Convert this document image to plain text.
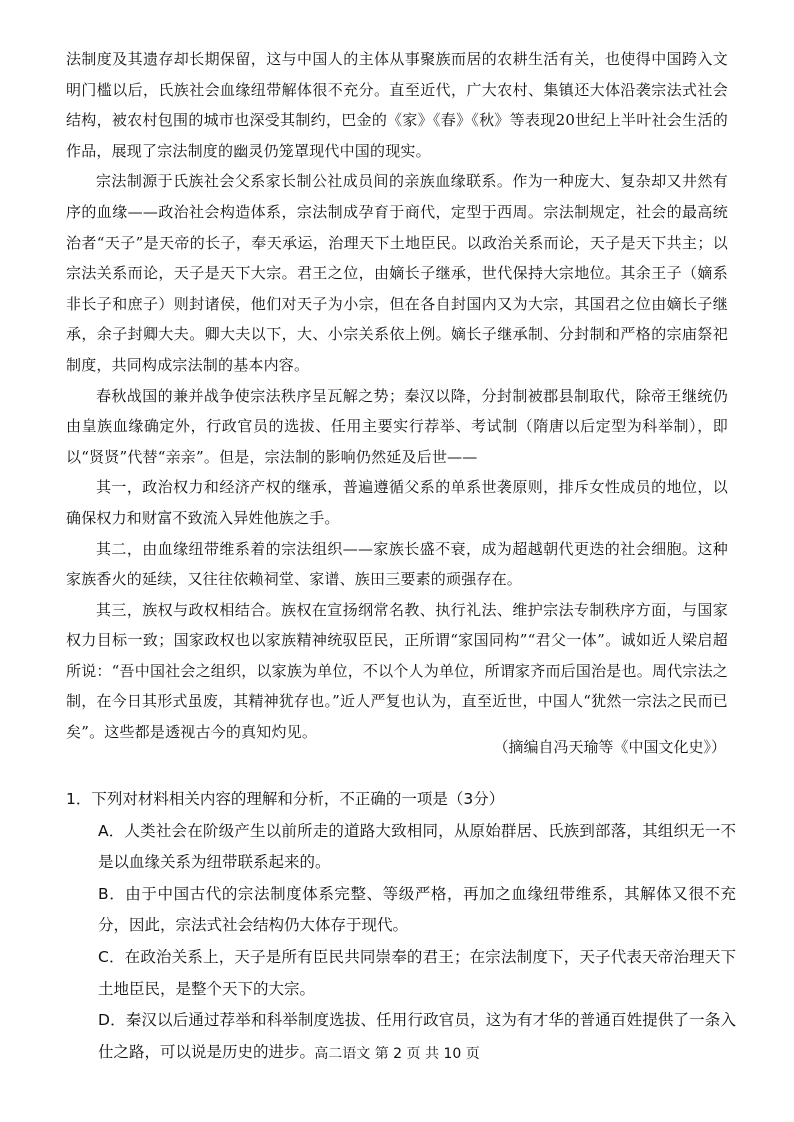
法制度及其遗存却长期保留，这与中国人的主体从事聚族而居的农耕生活有关，也使得中国跨入文明门槛以后，氏族社会血缘纽带解体很不充分。直至近代，广大农村、集镇还大体沿袭宗法式社会结构，被农村包围的城市也深受其制约，巴金的《家》《春》《秋》等表现20世纪上半叶社会生活的作品，展现了宗法制度的幽灵仍笼罩现代中国的现实。

宗法制源于氏族社会父系家长制公社成员间的亲族血缘联系。作为一种庞大、复杂却又井然有序的血缘——政治社会构造体系，宗法制成孕育于商代，定型于西周。宗法制规定，社会的最高统治者“天子”是天帝的长子，奉天承运，治理天下土地臣民。以政治关系而论，天子是天下共主；以宗法关系而论，天子是天下大宗。君王之位，由嫡长子继承，世代保持大宗地位。其余王子（嫡系非长子和庶子）则封诸侯，他们对天子为小宗，但在各自封国内又为大宗，其国君之位由嫡长子继承，余子封卿大夫。卿大夫以下，大、小宗关系依上例。嫡长子继承制、分封制和严格的宗庙祭祀制度，共同构成宗法制的基本内容。

春秋战国的兼并战争使宗法秩序呈瓦解之势；秦汉以降，分封制被郡县制取代，除帝王继统仍由皇族血缘确定外，行政官员的选拔、任用主要实行荐举、考试制（隋唐以后定型为科举制），即以“贤贤”代替“亲亲”。但是，宗法制的影响仍然延及后世——

其一，政治权力和经济产权的继承，普遍遵循父系的单系世袭原则，排斥女性成员的地位，以确保权力和财富不致流入异姓他族之手。

其二，由血缘纽带维系着的宗法组织——家族长盛不衰，成为超越朝代更迭的社会细胞。这种家族香火的延续，又往往依赖祠堂、家谱、族田三要素的顽强存在。

其三，族权与政权相结合。族权在宣扬纲常名教、执行礼法、维护宗法专制秩序方面，与国家权力目标一致；国家政权也以家族精神统驭臣民，正所谓“家国同构”“君父一体”。诚如近人梁启超所说：“吾中国社会之组织，以家族为单位，不以个人为单位，所谓家齐而后国治是也。周代宗法之制，在今日其形式虽废，其精神犹存也。”近人严复也认为，直至近世，中国人“犹然一宗法之民而已矣”。这些都是透视古今的真知灼见。

（摘编自冯天瑜等《中国文化史》）

1．下列对材料相关内容的理解和分析，不正确的一项是（3分）

A．人类社会在阶级产生以前所走的道路大致相同，从原始群居、氏族到部落，其组织无一不是以血缘关系为纽带联系起来的。

B．由于中国古代的宗法制度体系完整、等级严格，再加之血缘纽带维系，其解体又很不充分，因此，宗法式社会结构仍大体存于现代。

C．在政治关系上，天子是所有臣民共同崇奉的君王；在宗法制度下，天子代表天帝治理天下土地臣民，是整个天下的大宗。

D．秦汉以后通过荐举和科举制度选拔、任用行政官员，这为有才华的普通百姓提供了一条入仕之路，可以说是历史的进步。 高二语文 第 2 页 共 10 页
